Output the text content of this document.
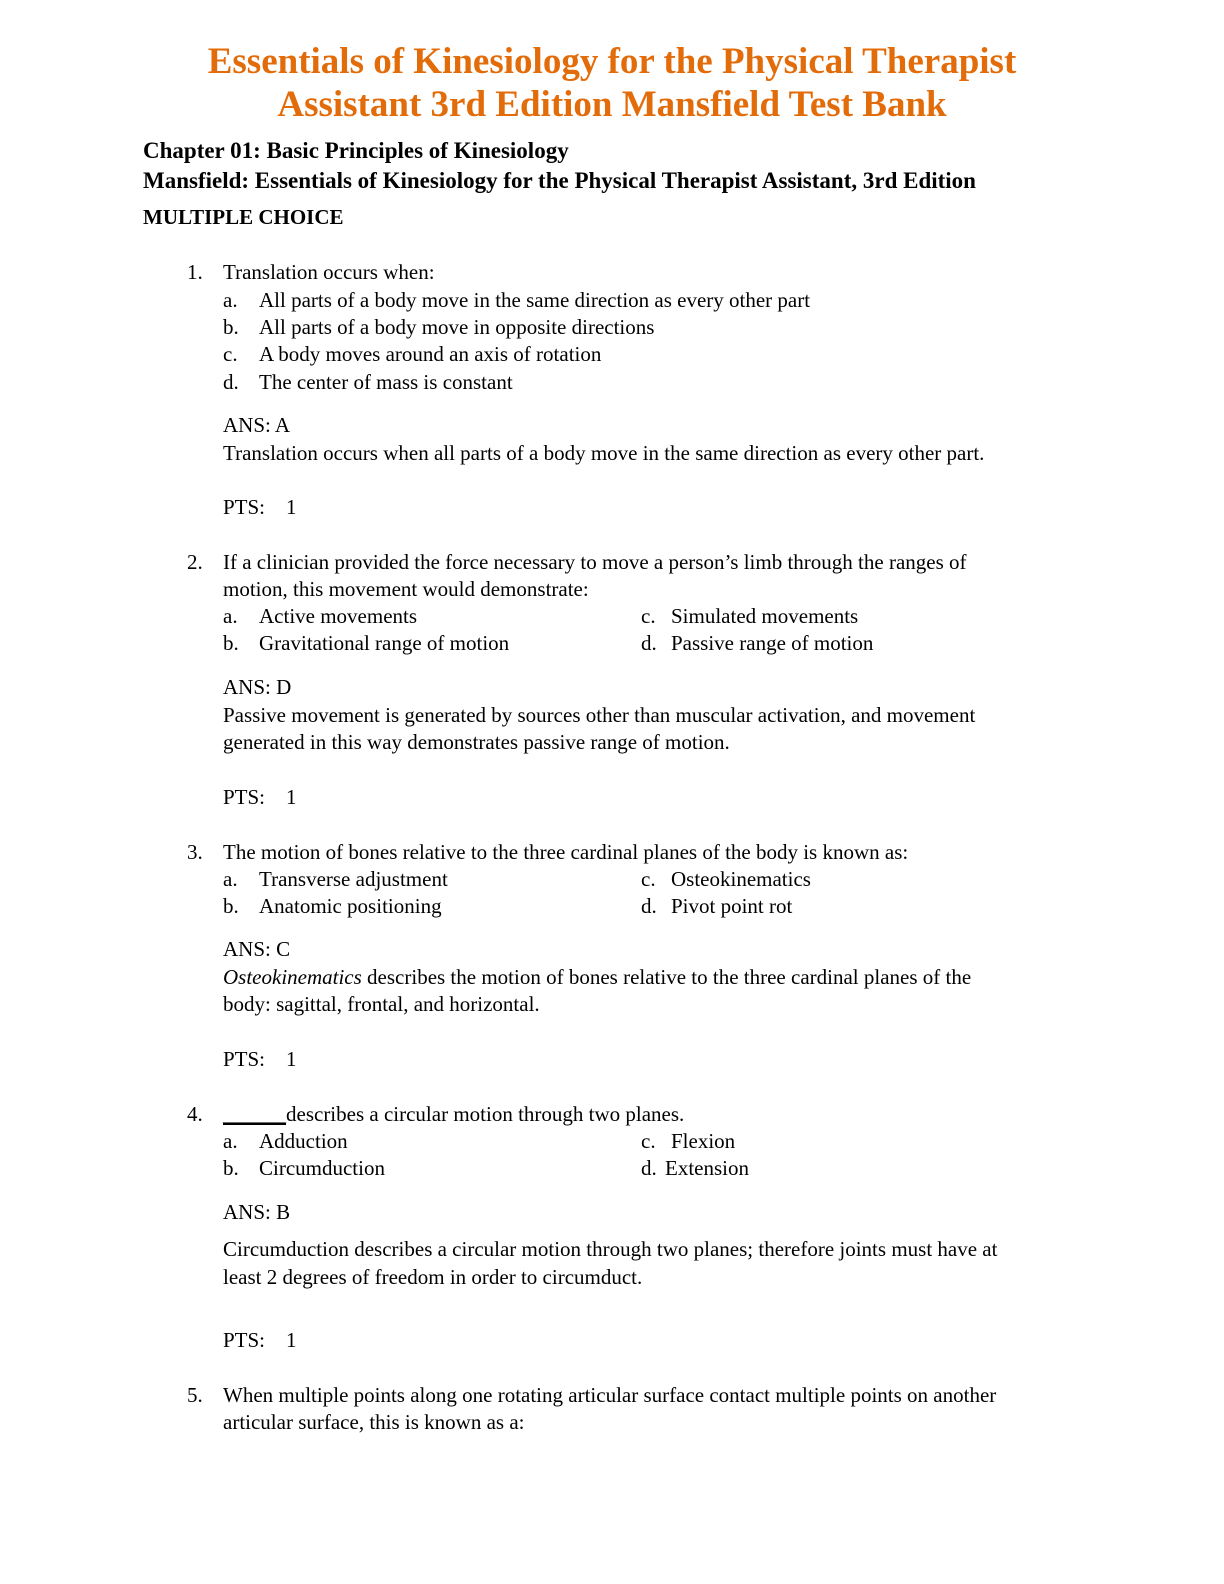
Essentials of Kinesiology for the Physical Therapist
Assistant 3rd Edition Mansfield Test Bank
Chapter 01: Basic Principles of Kinesiology
Mansfield: Essentials of Kinesiology for the Physical Therapist Assistant, 3rd Edition
MULTIPLE CHOICE
1. Translation occurs when:
a. All parts of a body move in the same direction as every other part
b. All parts of a body move in opposite directions
c. A body moves around an axis of rotation
d. The center of mass is constant
ANS: A
Translation occurs when all parts of a body move in the same direction as every other part.
PTS:    1
2. If a clinician provided the force necessary to move a person’s limb through the ranges of
motion, this movement would demonstrate:
a. Active movements	c. Simulated movements
b. Gravitational range of motion	d. Passive range of motion
ANS: D
Passive movement is generated by sources other than muscular activation, and movement
generated in this way demonstrates passive range of motion.
PTS:    1
3. The motion of bones relative to the three cardinal planes of the body is known as:
a. Transverse adjustment	c. Osteokinematics
b. Anatomic positioning	d. Pivot point rot
ANS: C
Osteokinematics describes the motion of bones relative to the three cardinal planes of the
body: sagittal, frontal, and horizontal.
PTS:    1
4. ______describes a circular motion through two planes.
a. Adduction	c. Flexion
b. Circumduction	d. Extension
ANS: B
Circumduction describes a circular motion through two planes; therefore joints must have at
least 2 degrees of freedom in order to circumduct.
PTS:    1
5. When multiple points along one rotating articular surface contact multiple points on another
articular surface, this is known as a:
